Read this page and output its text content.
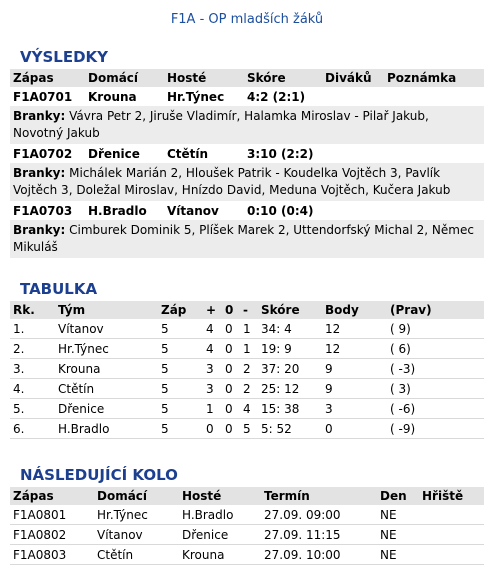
F1A - OP mladších žáků
VÝSLEDKY
Zápas	Domácí	Hosté	Skóre	Diváků	Poznámka
F1A0701	Krouna	Hr.Týnec	4:2 (2:1)		
Branky: Vávra Petr 2, Jiruše Vladimír, Halamka Miroslav - Pilař Jakub, Novotný Jakub					
F1A0702	Dřenice	Ctětín	3:10 (2:2)		
Branky: Michálek Marián 2, Hloušek Patrik - Koudelka Vojtěch 3, Pavlík Vojtěch 3, Doležal Miroslav, Hnízdo David, Meduna Vojtěch, Kučera Jakub					
F1A0703	H.Bradlo	Vítanov	0:10 (0:4)		
Branky: Cimburek Dominik 5, Plíšek Marek 2, Uttendorfský Michal 2, Němec Mikuláš					
TABULKA
Rk.	Tým	Záp	+	0	-	Skóre	Body	(Prav)
1.	Vítanov	5	4	0	1	34: 4	12	( 9)
2.	Hr.Týnec	5	4	0	1	19: 9	12	( 6)
3.	Krouna	5	3	0	2	37: 20	9	( -3)
4.	Ctětín	5	3	0	2	25: 12	9	( 3)
5.	Dřenice	5	1	0	4	15: 38	3	( -6)
6.	H.Bradlo	5	0	0	5	5: 52	0	( -9)
NÁSLEDUJÍCÍ KOLO
Zápas	Domácí	Hosté	Termín	Den	Hřiště
F1A0801	Hr.Týnec	H.Bradlo	27.09. 09:00	NE	
F1A0802	Vítanov	Dřenice	27.09. 11:15	NE	
F1A0803	Ctětín	Krouna	27.09. 10:00	NE	
